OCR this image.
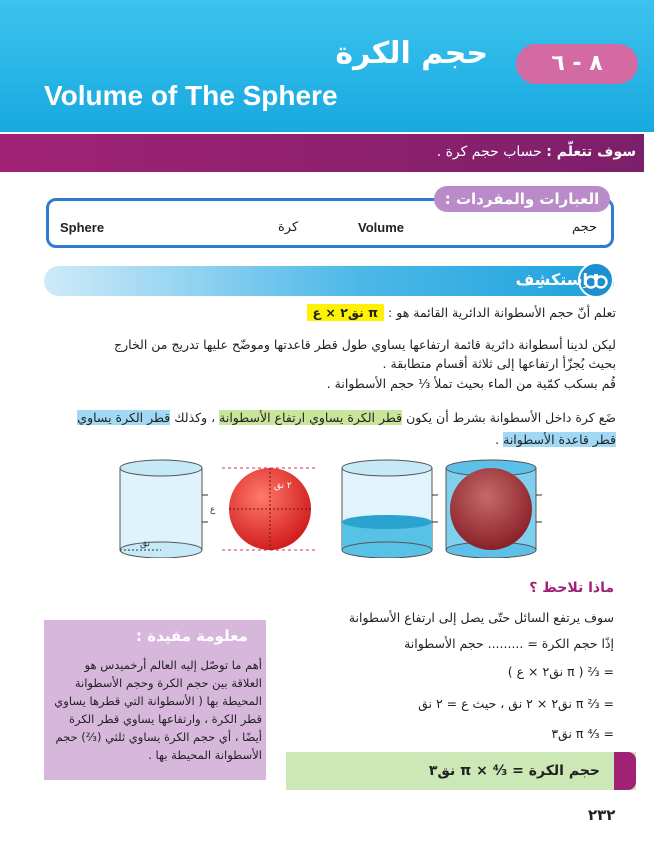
٨ - ٦
حجم الكرة
Volume of The Sphere
سوف تتعلّم : حساب حجم كرة .
العبارات والمفردات :
حجم
Volume
كرة
Sphere
اِستكشِف
تعلم أنّ حجم الأسطوانة الدائرية القائمة هو : π نق٢ × ع
ليكن لدينا أسطوانة دائرية قائمة ارتفاعها يساوي طول قطر قاعدتها وموضّح عليها تدريج من الخارج
بحيث يُجزّأ ارتفاعها إلى ثلاثة أقسام متطابقة .
قُم بسكب كمّية من الماء بحيث تملأ ⅓ حجم الأسطوانة .
ضَع كرة داخل الأسطوانة بشرط أن يكون قطر الكرة يساوي ارتفاع الأسطوانة ، وكذلك قطر الكرة يساوي
قطر قاعدة الأسطوانة .
نق
ع
٢ نق
ماذا تلاحظ ؟
سوف يرتفع السائل حتّى يصل إلى ارتفاع الأسطوانة
إذًا حجم الكرة = ......... حجم الأسطوانة
= ⅔ ( π نق٢ × ع )
= ⅔ π نق٢ × ٢ نق ، حيث ع = ٢ نق
= ⁴⁄₃ π نق٣
حجم الكرة = ⁴⁄₃ × π نق٣
معلومة مفيدة :
أهم ما توصّل إليه العالم أرخميدس هو العلاقة بين حجم الكرة وحجم الأسطوانة المحيطة بها ( الأسطوانة التي قطرها يساوي قطر الكرة ، وارتفاعها يساوي قطر الكرة أيضًا ، أي حجم الكرة يساوي ثلثي (⅔) حجم الأسطوانة المحيطة بها .
٢٣٢
